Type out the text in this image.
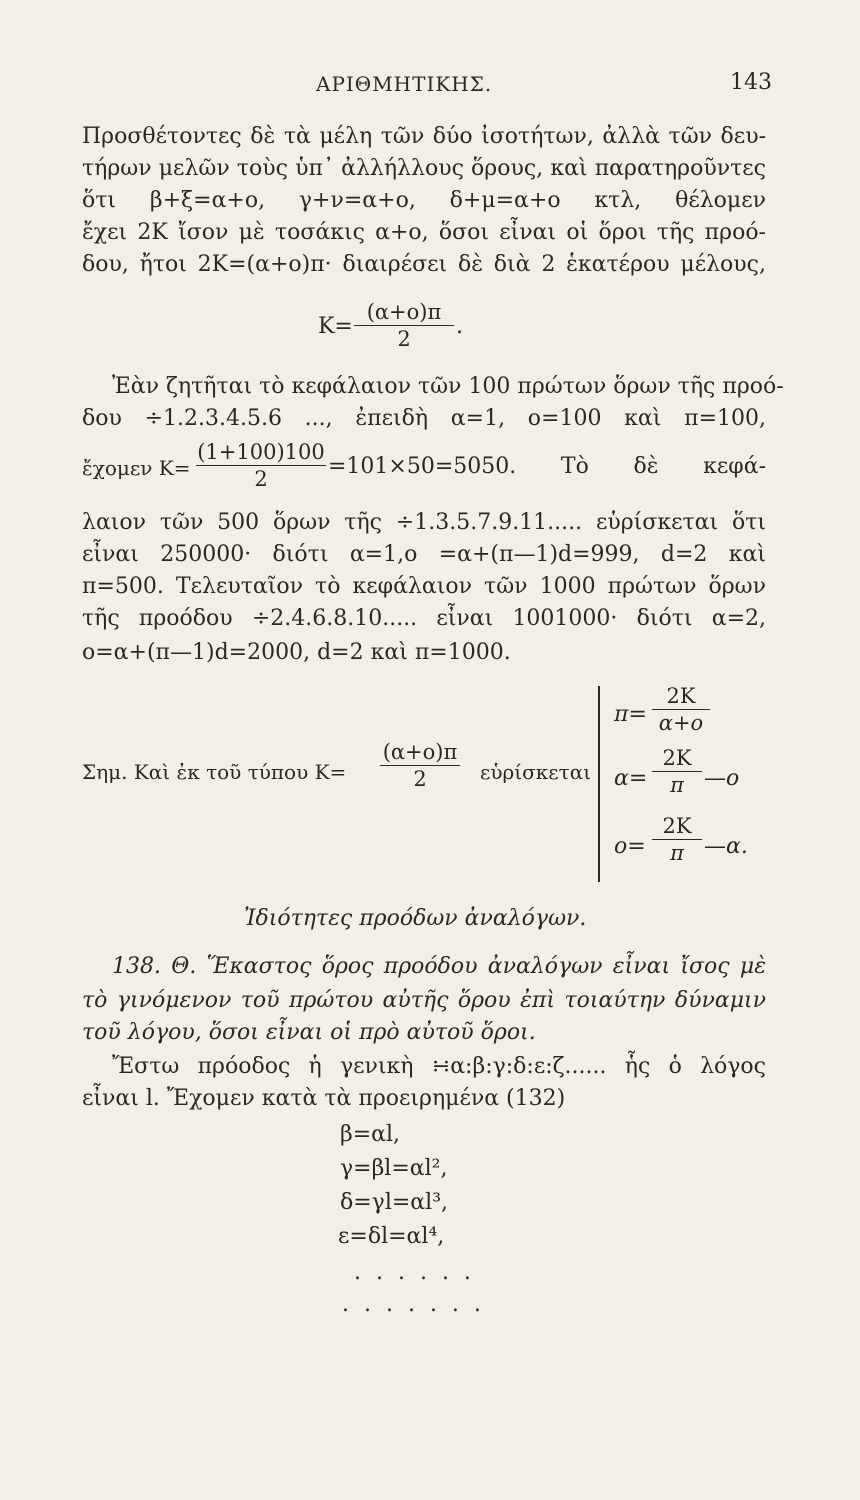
ΑΡΙΘΜΗΤΙΚΗΣ.	143
Προσθέτοντες δὲ τὰ μέλη τῶν δύο ἰσοτήτων, ἀλλὰ τῶν δευ-
τήρων μελῶν τοὺς ὑπ᾿ ἀλλήλλους ὅρους, καὶ παρατηροῦντες
ὅτι β+ξ=α+ο, γ+ν=α+ο, δ+μ=α+ο κτλ, θέλομεν
ἔχει 2Κ ἴσον μὲ τοσάκις α+ο, ὅσοι εἶναι οἱ ὅροι τῆς προό-
δου, ἤτοι 2Κ=(α+ο)π· διαιρέσει δὲ διὰ 2 ἑκατέρου μέλους,
Κ=
(α+ο)π
2 .
Ἐὰν ζητῆται τὸ κεφάλαιον τῶν 100 πρώτων ὅρων τῆς προό-
δου ÷1.2.3.4.5.6 ..., ἐπειδὴ α=1, ο=100 καὶ π=100,
ἔχομεν Κ=
(1+100)100
2	=101×50=5050. Τὸ δὲ κεφά-
λαιον τῶν 500 ὅρων τῆς ÷1.3.5.7.9.11..... εὑρίσκεται ὅτι
εἶναι 250000· διότι α=1,ο =α+(π—1)d=999, d=2 καὶ
π=500. Τελευταῖον τὸ κεφάλαιον τῶν 1000 πρώτων ὅρων
τῆς προόδου ÷2.4.6.8.10..... εἶναι 1001000· διότι α=2,
ο=α+(π—1)d=2000, d=2 καὶ π=1000.
Σημ. Καὶ ἐκ τοῦ τύπου Κ=
(α+ο)π
2	εὑρίσκεται
π=
2Κ
α+ο
α=
2Κ
π —ο
ο=
2Κ
π —α.
Ἰδιότητες προόδων ἀναλόγων.
138. Θ. Ἕκαστος ὅρος προόδου ἀναλόγων εἶναι ἴσος μὲ
τὸ γινόμενον τοῦ πρώτου αὐτῆς ὅρου ἐπὶ τοιαύτην δύναμιν
τοῦ λόγου, ὅσοι εἶναι οἱ πρὸ αὐτοῦ ὅροι.
Ἔστω πρόοδος ἡ γενικὴ ∺α:β:γ:δ:ε:ζ...... ἧς ὁ λόγος
εἶναι l. Ἔχομεν κατὰ τὰ προειρημένα (132)
β=αl,
γ=βl=αl²,
δ=γl=αl³,
ε=δl=αl⁴,
. . . . . .
. . . . . . .
